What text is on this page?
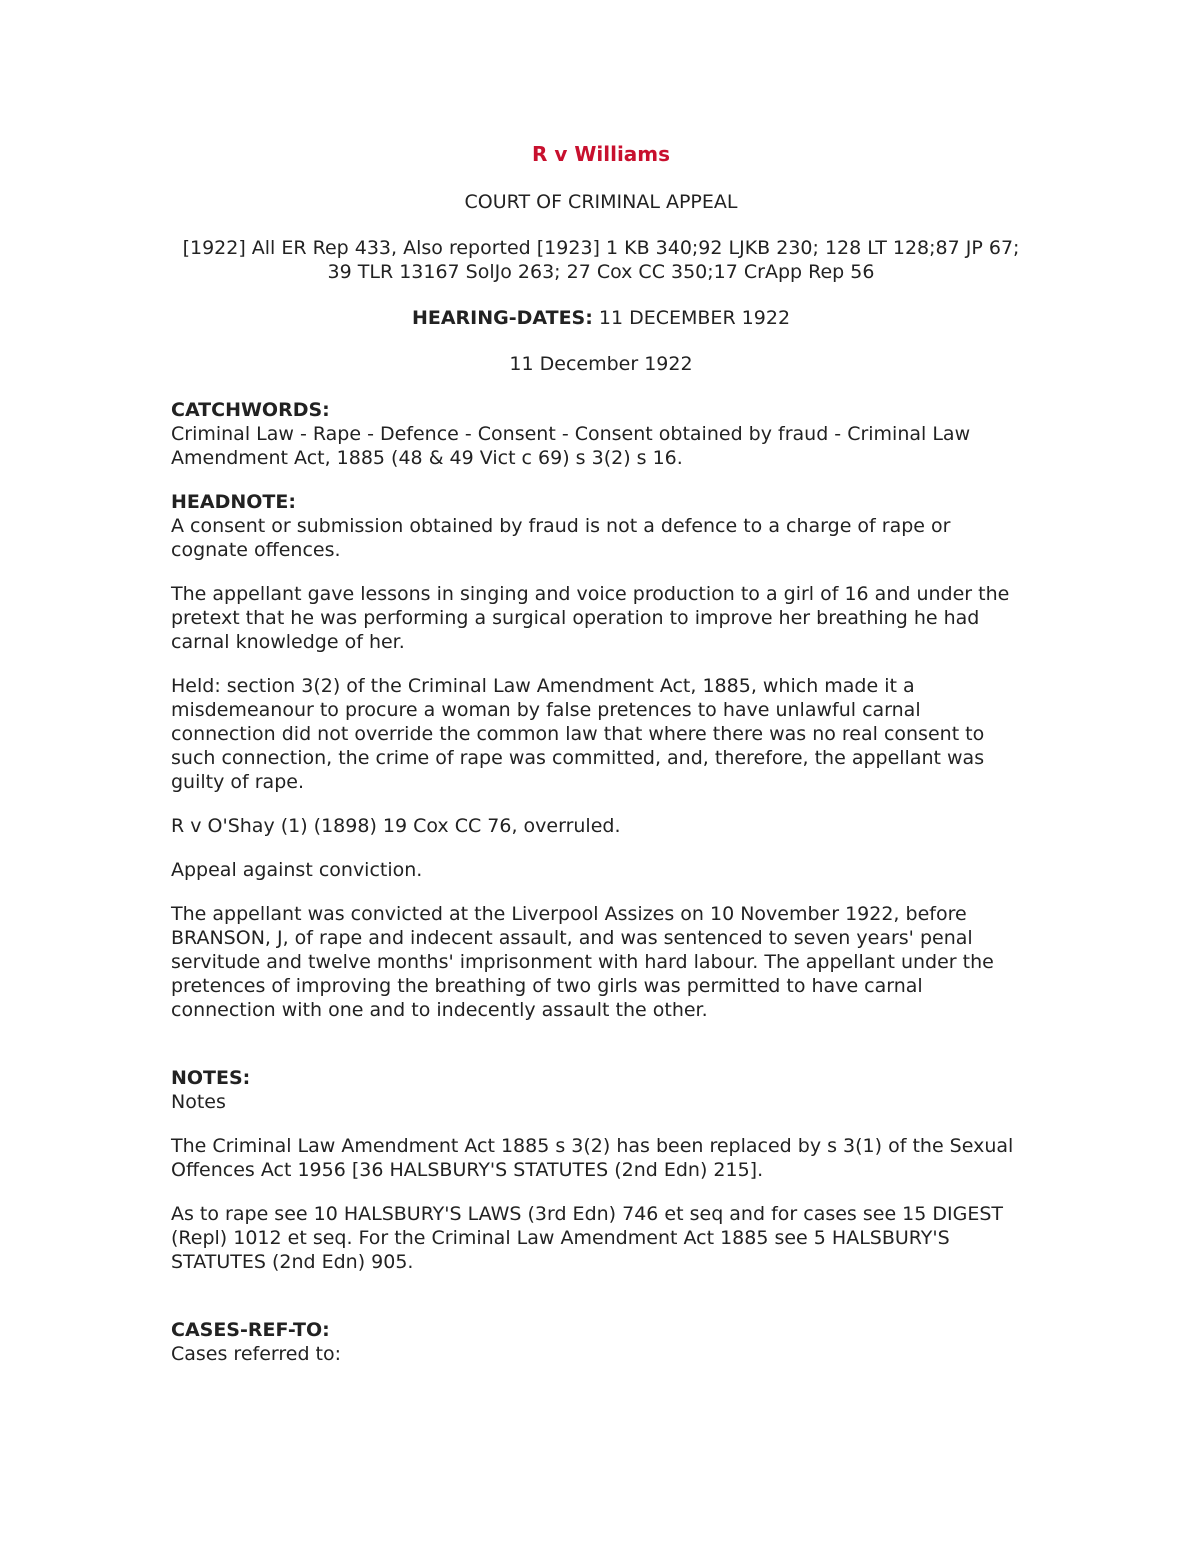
R v Williams
COURT OF CRIMINAL APPEAL
[1922] All ER Rep 433, Also reported [1923] 1 KB 340;92 LJKB 230; 128 LT 128;87 JP 67; 39 TLR 13167 SolJo 263; 27 Cox CC 350;17 CrApp Rep 56
HEARING-DATES: 11 DECEMBER 1922
11 December 1922
CATCHWORDS:
Criminal Law - Rape - Defence - Consent - Consent obtained by fraud - Criminal Law Amendment Act, 1885 (48 & 49 Vict c 69) s 3(2) s 16.
HEADNOTE:

A consent or submission obtained by fraud is not a defence to a charge of rape or cognate offences.

The appellant gave lessons in singing and voice production to a girl of 16 and under the pretext that he was performing a surgical operation to improve her breathing he had carnal knowledge of her.

Held: section 3(2) of the Criminal Law Amendment Act, 1885, which made it a misdemeanour to procure a woman by false pretences to have unlawful carnal connection did not override the common law that where there was no real consent to such connection, the crime of rape was committed, and, therefore, the appellant was guilty of rape.

R v O'Shay (1) (1898) 19 Cox CC 76, overruled.

Appeal against conviction.

The appellant was convicted at the Liverpool Assizes on 10 November 1922, before BRANSON, J, of rape and indecent assault, and was sentenced to seven years' penal servitude and twelve months' imprisonment with hard labour. The appellant under the pretences of improving the breathing of two girls was permitted to have carnal connection with one and to indecently assault the other.

NOTES:

Notes

The Criminal Law Amendment Act 1885 s 3(2) has been replaced by s 3(1) of the Sexual Offences Act 1956 [36 HALSBURY'S STATUTES (2nd Edn) 215].

As to rape see 10 HALSBURY'S LAWS (3rd Edn) 746 et seq and for cases see 15 DIGEST (Repl) 1012 et seq. For the Criminal Law Amendment Act 1885 see 5 HALSBURY'S STATUTES (2nd Edn) 905.

CASES-REF-TO:
Cases referred to:
